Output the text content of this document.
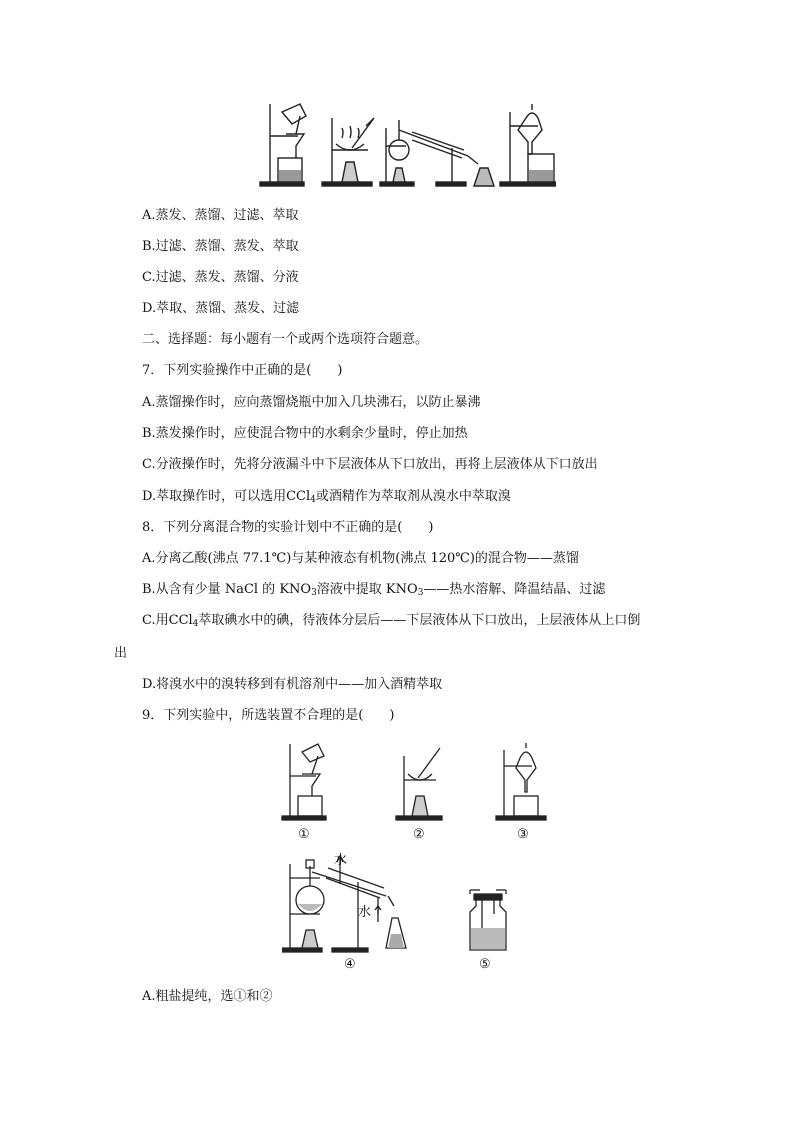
A.蒸发、蒸馏、过滤、萃取
B.过滤、蒸馏、蒸发、萃取
C.过滤、蒸发、蒸馏、分液
D.萃取、蒸馏、蒸发、过滤
二、选择题：每小题有一个或两个选项符合题意。
7．下列实验操作中正确的是(　　)
A.蒸馏操作时，应向蒸馏烧瓶中加入几块沸石，以防止暴沸
B.蒸发操作时，应使混合物中的水剩余少量时，停止加热
C.分液操作时，先将分液漏斗中下层液体从下口放出，再将上层液体从下口放出
D.萃取操作时，可以选用CCl$_4$或酒精作为萃取剂从溴水中萃取溴
8．下列分离混合物的实验计划中不正确的是(　　)
A.分离乙酸(沸点 77.1℃)与某种液态有机物(沸点 120℃)的混合物——蒸馏
B.从含有少量 NaCl 的 $KNO_3$溶液中提取 $KNO_3——$热水溶解、降温结晶、过滤
C.用CCl$_4$萃取碘水中的碘，待液体分层后——下层液体从下口放出，上层液体从上口倒
出
D.将溴水中的溴转移到有机溶剂中——加入酒精萃取
9．下列实验中，所选装置不合理的是(　　)
①	②	③
水
水
④	⑤
A.粗盐提纯，选①和②
